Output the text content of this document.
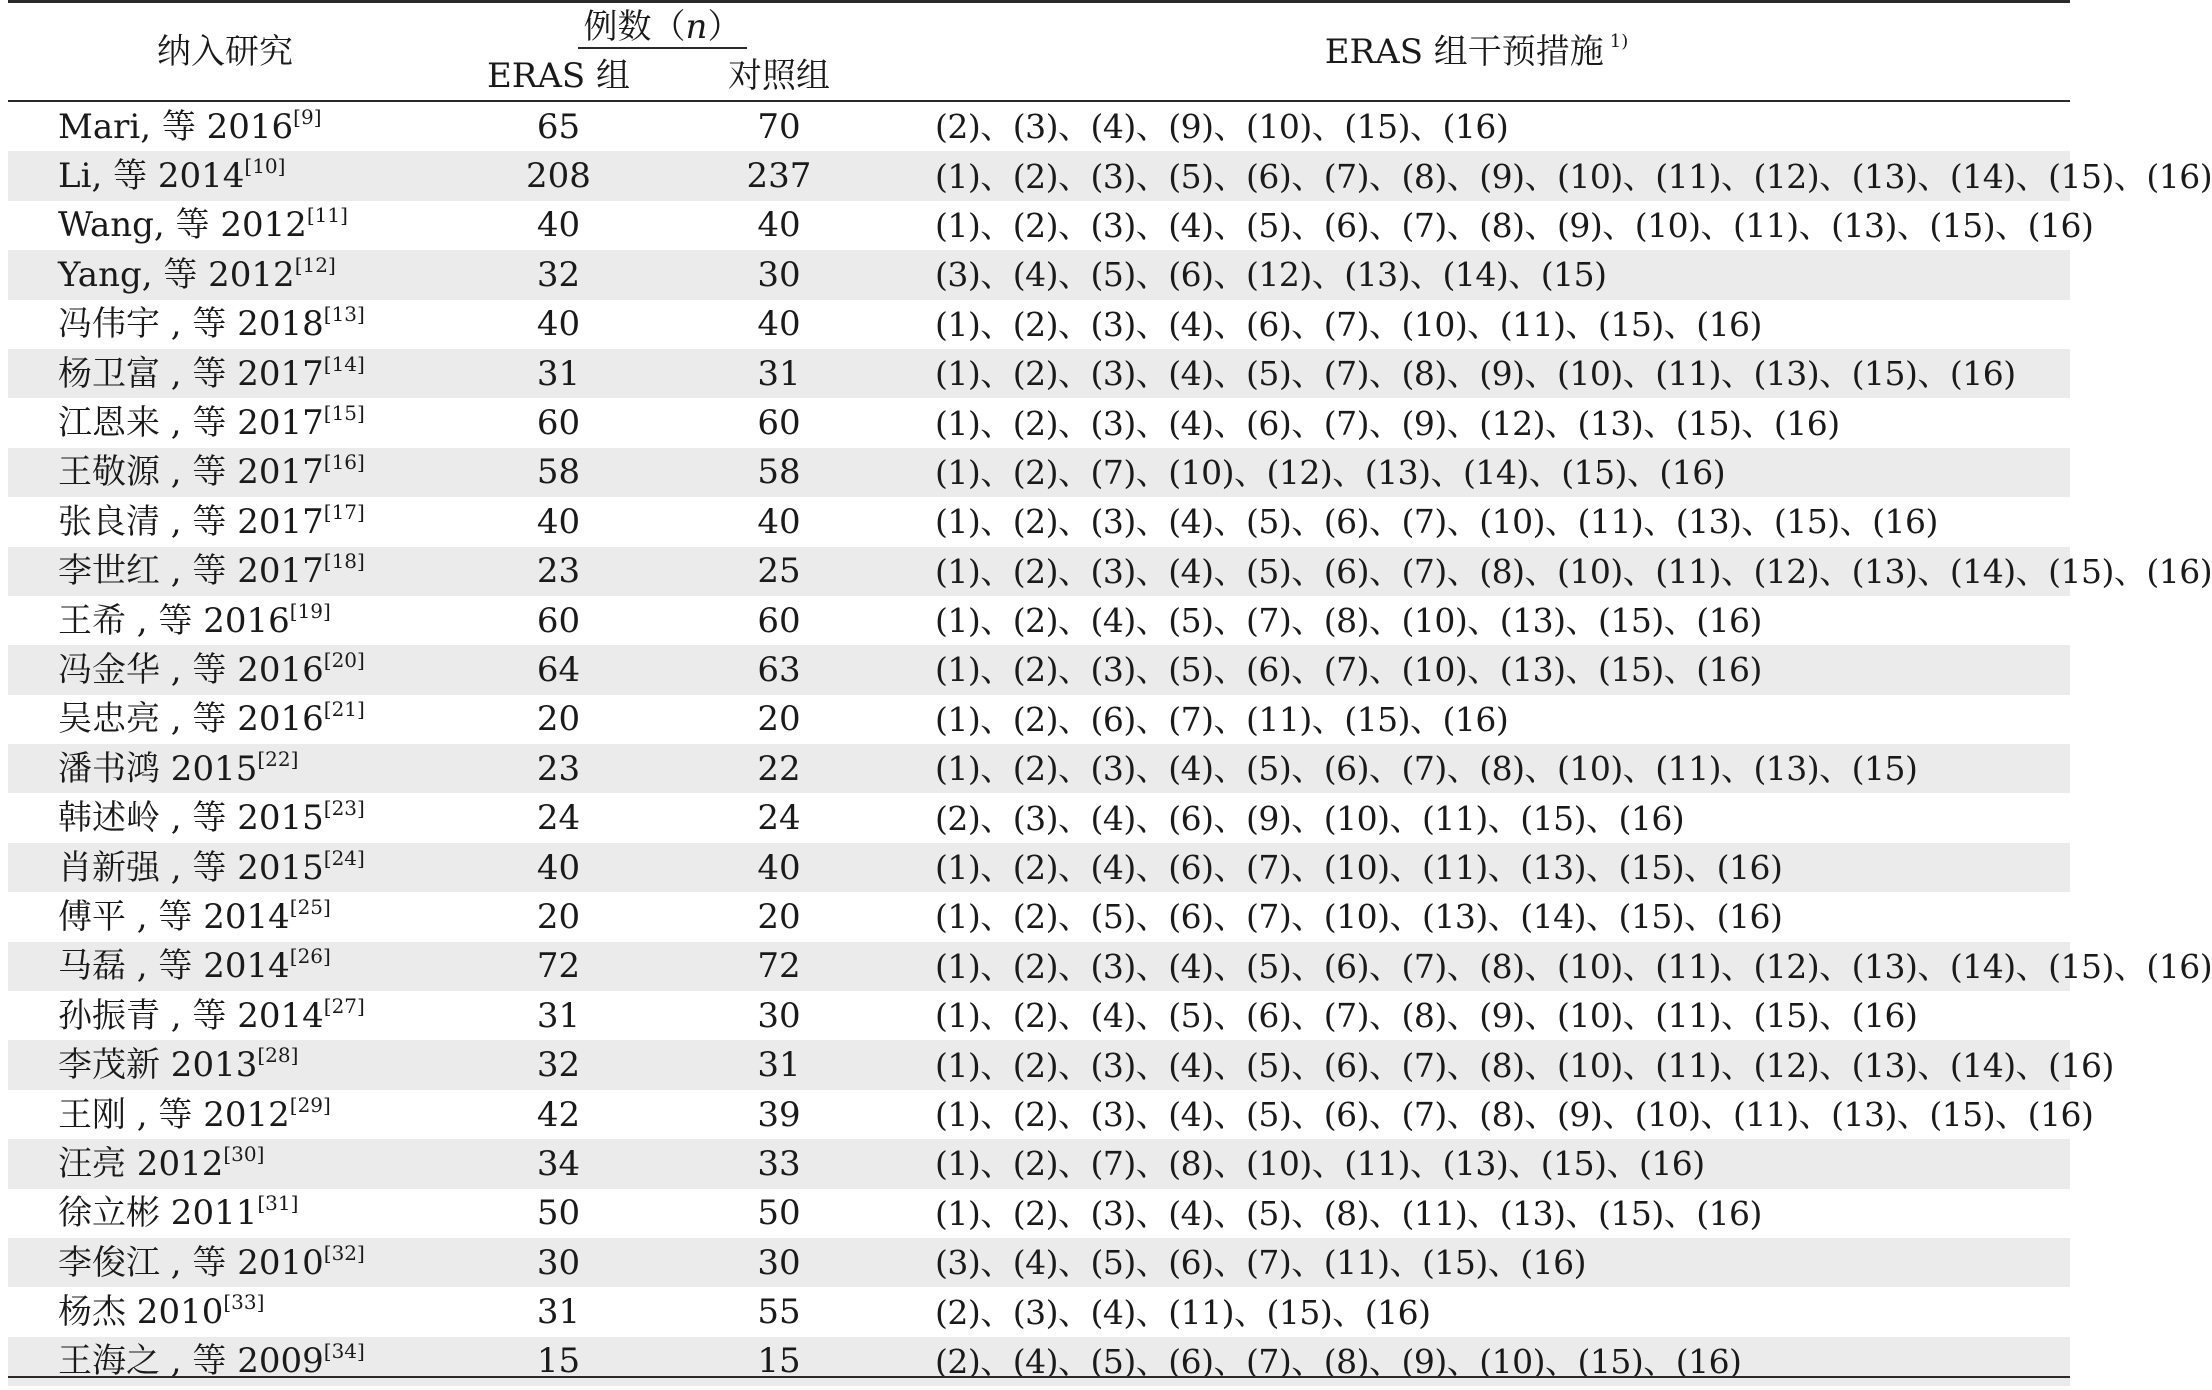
纳入研究	例数（n）		ERAS 组干预措施 $^{1)}$
	ERAS 组	对照组	
Mari, 等 2016[9]	65	70	(2)、(3)、(4)、(9)、(10)、(15)、(16)
Li, 等 2014[10]	208	237	(1)、(2)、(3)、(5)、(6)、(7)、(8)、(9)、(10)、(11)、(12)、(13)、(14)、(15)、(16)
Wang, 等 2012[11]	40	40	(1)、(2)、(3)、(4)、(5)、(6)、(7)、(8)、(9)、(10)、(11)、(13)、(15)、(16)
Yang, 等 2012[12]	32	30	(3)、(4)、(5)、(6)、(12)、(13)、(14)、(15)
冯伟宇 , 等 2018[13]	40	40	(1)、(2)、(3)、(4)、(6)、(7)、(10)、(11)、(15)、(16)
杨卫富 , 等 2017[14]	31	31	(1)、(2)、(3)、(4)、(5)、(7)、(8)、(9)、(10)、(11)、(13)、(15)、(16)
江恩来 , 等 2017[15]	60	60	(1)、(2)、(3)、(4)、(6)、(7)、(9)、(12)、(13)、(15)、(16)
王敬源 , 等 2017[16]	58	58	(1)、(2)、(7)、(10)、(12)、(13)、(14)、(15)、(16)
张良清 , 等 2017[17]	40	40	(1)、(2)、(3)、(4)、(5)、(6)、(7)、(10)、(11)、(13)、(15)、(16)
李世红 , 等 2017[18]	23	25	(1)、(2)、(3)、(4)、(5)、(6)、(7)、(8)、(10)、(11)、(12)、(13)、(14)、(15)、(16)
王希 , 等 2016[19]	60	60	(1)、(2)、(4)、(5)、(7)、(8)、(10)、(13)、(15)、(16)
冯金华 , 等 2016[20]	64	63	(1)、(2)、(3)、(5)、(6)、(7)、(10)、(13)、(15)、(16)
吴忠亮 , 等 2016[21]	20	20	(1)、(2)、(6)、(7)、(11)、(15)、(16)
潘书鸿 2015[22]	23	22	(1)、(2)、(3)、(4)、(5)、(6)、(7)、(8)、(10)、(11)、(13)、(15)
韩述岭 , 等 2015[23]	24	24	(2)、(3)、(4)、(6)、(9)、(10)、(11)、(15)、(16)
肖新强 , 等 2015[24]	40	40	(1)、(2)、(4)、(6)、(7)、(10)、(11)、(13)、(15)、(16)
傅平 , 等 2014[25]	20	20	(1)、(2)、(5)、(6)、(7)、(10)、(13)、(14)、(15)、(16)
马磊 , 等 2014[26]	72	72	(1)、(2)、(3)、(4)、(5)、(6)、(7)、(8)、(10)、(11)、(12)、(13)、(14)、(15)、(16)
孙振青 , 等 2014[27]	31	30	(1)、(2)、(4)、(5)、(6)、(7)、(8)、(9)、(10)、(11)、(15)、(16)
李茂新 2013[28]	32	31	(1)、(2)、(3)、(4)、(5)、(6)、(7)、(8)、(10)、(11)、(12)、(13)、(14)、(16)
王刚 , 等 2012[29]	42	39	(1)、(2)、(3)、(4)、(5)、(6)、(7)、(8)、(9)、(10)、(11)、(13)、(15)、(16)
汪亮 2012[30]	34	33	(1)、(2)、(7)、(8)、(10)、(11)、(13)、(15)、(16)
徐立彬 2011[31]	50	50	(1)、(2)、(3)、(4)、(5)、(8)、(11)、(13)、(15)、(16)
李俊江 , 等 2010[32]	30	30	(3)、(4)、(5)、(6)、(7)、(11)、(15)、(16)
杨杰 2010[33]	31	55	(2)、(3)、(4)、(11)、(15)、(16)
王海之 , 等 2009[34]	15	15	(2)、(4)、(5)、(6)、(7)、(8)、(9)、(10)、(15)、(16)
